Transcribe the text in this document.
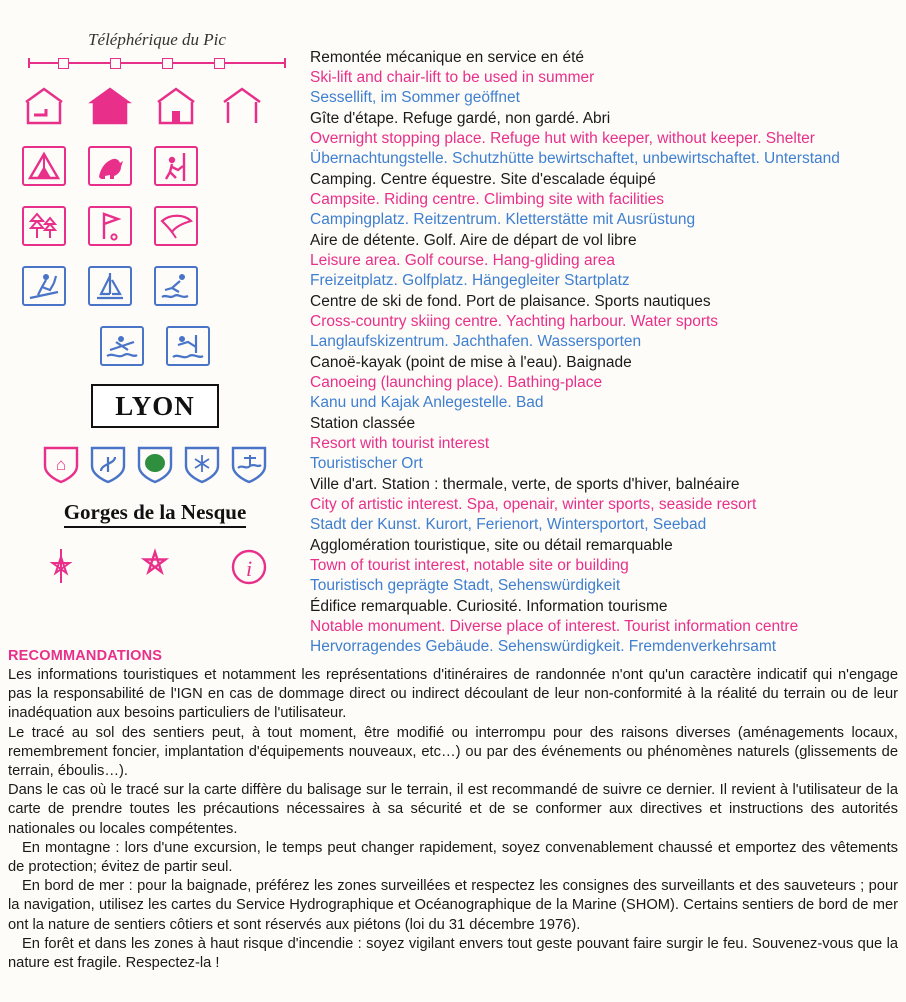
Téléphérique du Pic
LYON
⌂
Gorges de la Nesque
i
Remontée mécanique en service en été
Ski-lift and chair-lift to be used in summer
Sessellift, im Sommer geöffnet
Gîte d'étape. Refuge gardé, non gardé. Abri
Overnight stopping place. Refuge hut with keeper, without keeper. Shelter
Übernachtungstelle. Schutzhütte bewirtschaftet, unbewirtschaftet. Unterstand
Camping. Centre équestre. Site d'escalade équipé
Campsite. Riding centre. Climbing site with facilities
Campingplatz. Reitzentrum. Kletterstätte mit Ausrüstung
Aire de détente. Golf. Aire de départ de vol libre
Leisure area. Golf course. Hang-gliding area
Freizeitplatz. Golfplatz. Hängegleiter Startplatz
Centre de ski de fond. Port de plaisance. Sports nautiques
Cross-country skiing centre. Yachting harbour. Water sports
Langlaufskizentrum. Jachthafen. Wassersporten
Canoë-kayak (point de mise à l'eau). Baignade
Canoeing (launching place). Bathing-place
Kanu und Kajak Anlegestelle. Bad
Station classée
Resort with tourist interest
Touristischer Ort
Ville d'art. Station : thermale, verte, de sports d'hiver, balnéaire
City of artistic interest. Spa, openair, winter sports, seaside resort
Stadt der Kunst. Kurort, Ferienort, Wintersportort, Seebad
Agglomération touristique, site ou détail remarquable
Town of tourist interest, notable site or building
Touristisch geprägte Stadt, Sehenswürdigkeit
Édifice remarquable. Curiosité. Information tourisme
Notable monument. Diverse place of interest. Tourist information centre
Hervorragendes Gebäude. Sehenswürdigkeit. Fremdenverkehrsamt
RECOMMANDATIONS

Les informations touristiques et notamment les représentations d'itinéraires de randonnée n'ont qu'un caractère indicatif qui n'engage pas la responsabilité de l'IGN en cas de dommage direct ou indirect découlant de leur non-conformité à la réalité du terrain ou de leur inadéquation aux besoins particuliers de l'utilisateur.

Le tracé au sol des sentiers peut, à tout moment, être modifié ou interrompu pour des raisons diverses (aménagements locaux, remembrement foncier, implantation d'équipements nouveaux, etc…) ou par des événements ou phénomènes naturels (glissements de terrain, éboulis…).

Dans le cas où le tracé sur la carte diffère du balisage sur le terrain, il est recommandé de suivre ce dernier. Il revient à l'utilisateur de la carte de prendre toutes les précautions nécessaires à sa sécurité et de se conformer aux directives et instructions des autorités nationales ou locales compétentes.

En montagne : lors d'une excursion, le temps peut changer rapidement, soyez convenablement chaussé et emportez des vêtements de protection; évitez de partir seul.

En bord de mer : pour la baignade, préférez les zones surveillées et respectez les consignes des surveillants et des sauveteurs ; pour la navigation, utilisez les cartes du Service Hydrographique et Océanographique de la Marine (SHOM). Certains sentiers de bord de mer ont la nature de sentiers côtiers et sont réservés aux piétons (loi du 31 décembre 1976).

En forêt et dans les zones à haut risque d'incendie : soyez vigilant envers tout geste pouvant faire surgir le feu. Souvenez-vous que la nature est fragile. Respectez-la !
